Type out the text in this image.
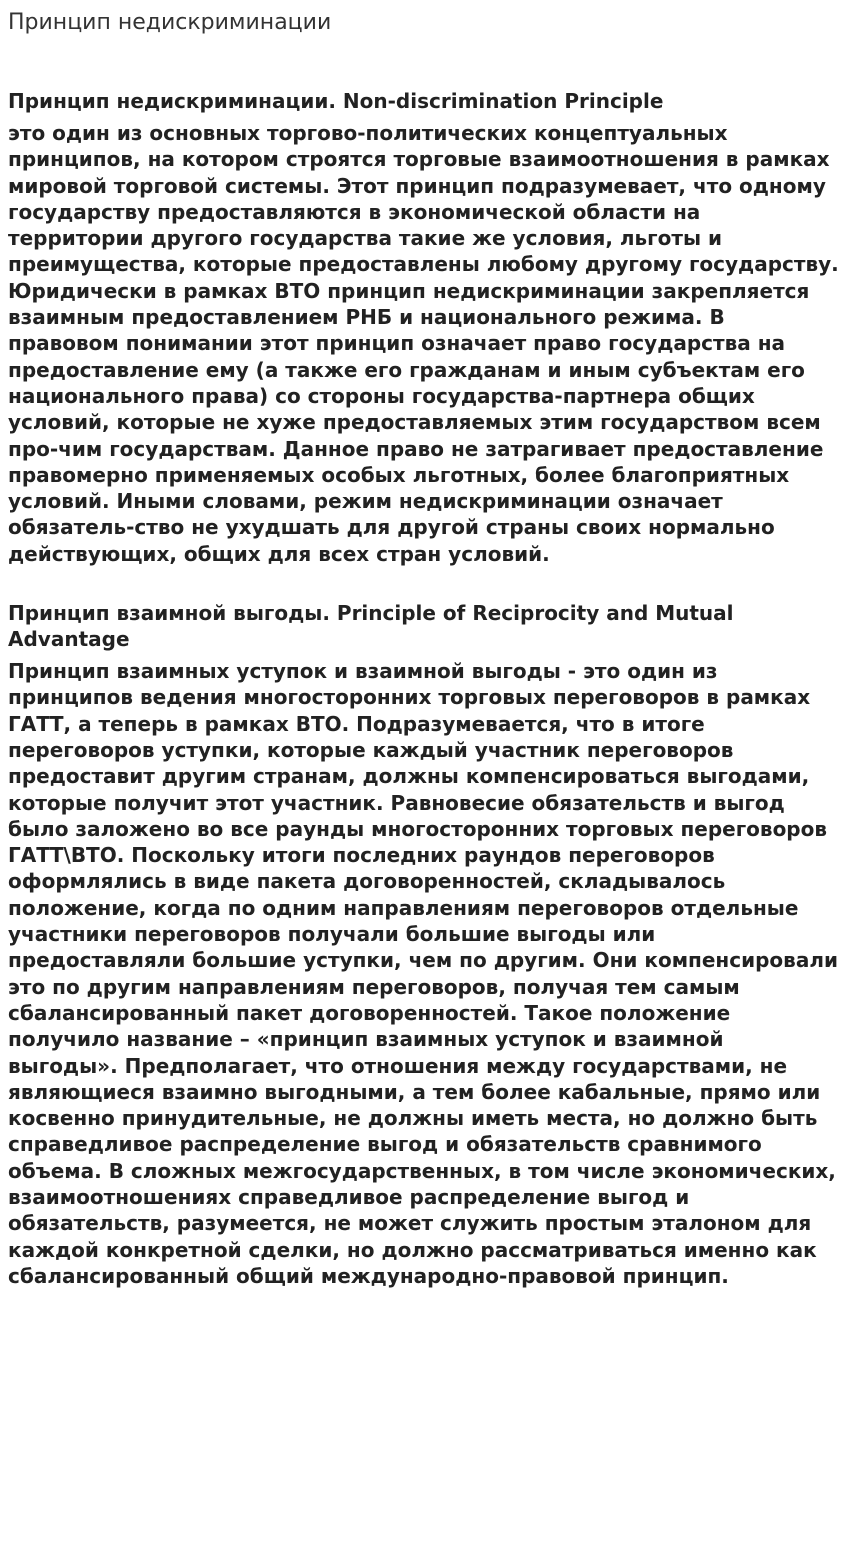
Принцип недискриминации
Принцип недискриминации. Non-discrimination Principle

это один из основных торгово-политических концептуальных принципов, на котором строятся торговые взаимоотношения в рамках мировой торговой системы. Этот принцип подразумевает, что одному государству предоставляются в экономической области на территории другого государства такие же условия, льготы и преимущества, которые предоставлены любому другому государству. Юридически в рамках ВТО принцип недискриминации закрепляется взаимным предоставлением РНБ и национального режима. В правовом понимании этот принцип означает право государства на предоставление ему (а также его гражданам и иным субъектам его национального права) со стороны государства-партнера общих условий, которые не хуже предоставляемых этим государством всем про-чим государствам. Данное право не затрагивает предоставление правомерно применяемых особых льготных, более благоприятных условий. Иными словами, режим недискриминации означает обязатель-ство не ухудшать для другой страны своих нормально действующих, общих для всех стран условий.

Принцип взаимной выгоды. Principle of Reciprocity and Mutual Advantage

Принцип взаимных уступок и взаимной выгоды - это один из принципов ведения многосторонних торговых переговоров в рамках ГАТТ, а теперь в рамках ВТО. Подразумевается, что в итоге переговоров уступки, которые каждый участник переговоров предоставит другим странам, должны компенсироваться выгодами, которые получит этот участник. Равновесие обязательств и выгод было заложено во все раунды многосторонних торговых переговоров ГАТТ\ВТО. Поскольку итоги последних раундов переговоров оформлялись в виде пакета договоренностей, складывалось положение, когда по одним направлениям переговоров отдельные участники переговоров получали большие выгоды или предоставляли большие уступки, чем по другим. Они компенсировали это по другим направлениям переговоров, получая тем самым сбалансированный пакет договоренностей. Такое положение получило название – «принцип взаимных уступок и взаимной выгоды». Предполагает, что отношения между государствами, не являющиеся взаимно выгодными, а тем более кабальные, прямо или косвенно принудительные, не должны иметь места, но должно быть справедливое распределение выгод и обязательств сравнимого объема. В сложных межгосударственных, в том числе экономических, взаимоотношениях справедливое распределение выгод и обязательств, разумеется, не может служить простым эталоном для каждой конкретной сделки, но должно рассматриваться именно как сбалансированный общий международно-правовой принцип.
